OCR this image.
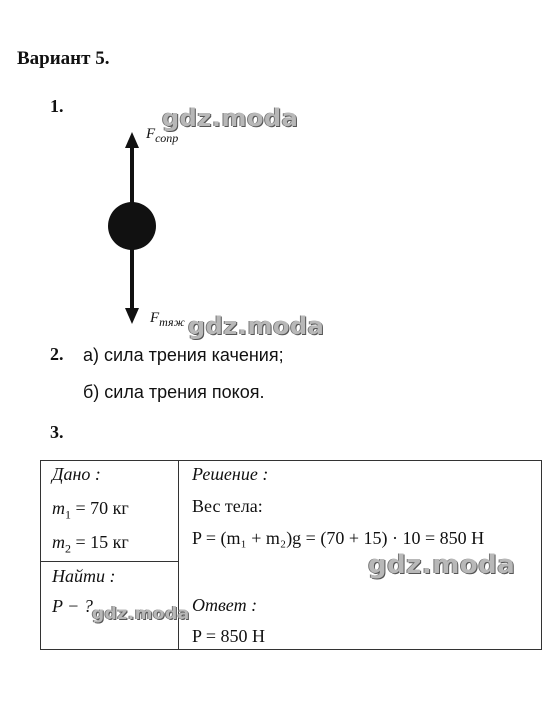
Вариант 5.
1.
$F_{сопр}$
$F_{тяж}$
gdz.moda
gdz.moda
2. а) сила трения качения;
б) сила трения покоя.
3.
Дано :
$m_1 = 70$ кг
$m_2 = 15$ кг
Найти :
P − ?
Решение :
Вес тела:
P = (m₁ + m₂)g = (70 + 15) · 10 = 850 Н
Ответ :
P = 850 Н
gdz.moda
gdz.moda
